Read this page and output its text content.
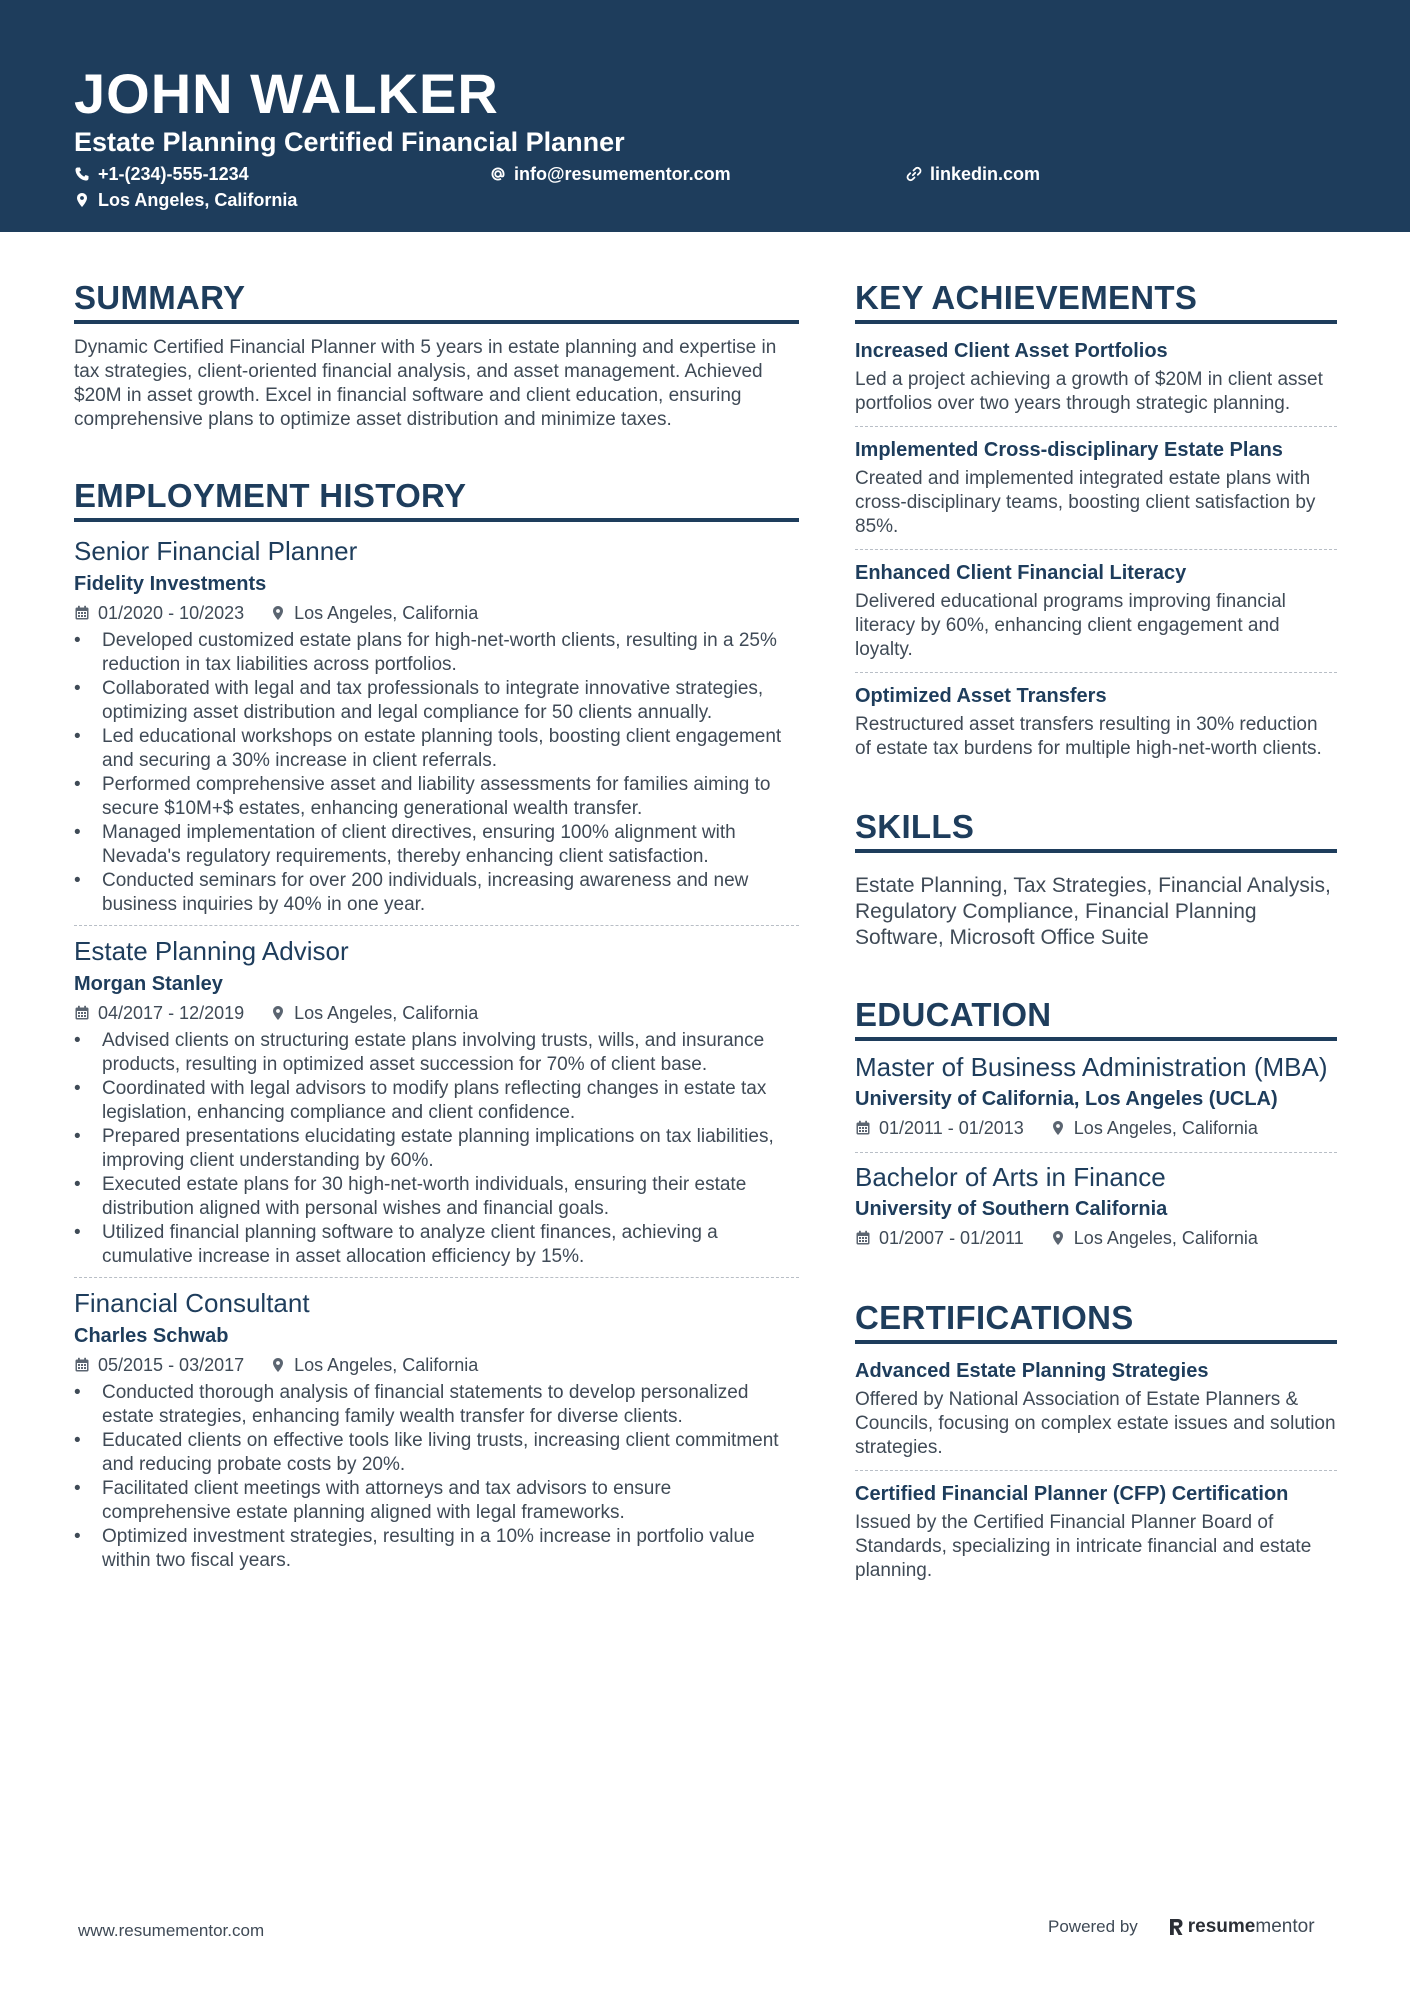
JOHN WALKER
Estate Planning Certified Financial Planner
+1-(234)-555-1234	info@resumementor.com	linkedin.com
Los Angeles, California
SUMMARY
Dynamic Certified Financial Planner with 5 years in estate planning and expertise in tax strategies, client-oriented financial analysis, and asset management. Achieved $20M in asset growth. Excel in financial software and client education, ensuring comprehensive plans to optimize asset distribution and minimize taxes.
EMPLOYMENT HISTORY
Senior Financial Planner
Fidelity Investments
01/2020 - 10/2023	Los Angeles, California
• Developed customized estate plans for high-net-worth clients, resulting in a 25% reduction in tax liabilities across portfolios.
• Collaborated with legal and tax professionals to integrate innovative strategies, optimizing asset distribution and legal compliance for 50 clients annually.
• Led educational workshops on estate planning tools, boosting client engagement and securing a 30% increase in client referrals.
• Performed comprehensive asset and liability assessments for families aiming to secure $10M+$ estates, enhancing generational wealth transfer.
• Managed implementation of client directives, ensuring 100% alignment with Nevada's regulatory requirements, thereby enhancing client satisfaction.
• Conducted seminars for over 200 individuals, increasing awareness and new business inquiries by 40% in one year.
Estate Planning Advisor
Morgan Stanley
04/2017 - 12/2019	Los Angeles, California
• Advised clients on structuring estate plans involving trusts, wills, and insurance products, resulting in optimized asset succession for 70% of client base.
• Coordinated with legal advisors to modify plans reflecting changes in estate tax legislation, enhancing compliance and client confidence.
• Prepared presentations elucidating estate planning implications on tax liabilities, improving client understanding by 60%.
• Executed estate plans for 30 high-net-worth individuals, ensuring their estate distribution aligned with personal wishes and financial goals.
• Utilized financial planning software to analyze client finances, achieving a cumulative increase in asset allocation efficiency by 15%.
Financial Consultant
Charles Schwab
05/2015 - 03/2017	Los Angeles, California
• Conducted thorough analysis of financial statements to develop personalized estate strategies, enhancing family wealth transfer for diverse clients.
• Educated clients on effective tools like living trusts, increasing client commitment and reducing probate costs by 20%.
• Facilitated client meetings with attorneys and tax advisors to ensure comprehensive estate planning aligned with legal frameworks.
• Optimized investment strategies, resulting in a 10% increase in portfolio value within two fiscal years.
KEY ACHIEVEMENTS
Increased Client Asset Portfolios
Led a project achieving a growth of $20M in client asset portfolios over two years through strategic planning.
Implemented Cross-disciplinary Estate Plans
Created and implemented integrated estate plans with cross-disciplinary teams, boosting client satisfaction by 85%.
Enhanced Client Financial Literacy
Delivered educational programs improving financial literacy by 60%, enhancing client engagement and loyalty.
Optimized Asset Transfers
Restructured asset transfers resulting in 30% reduction of estate tax burdens for multiple high-net-worth clients.
SKILLS
Estate Planning, Tax Strategies, Financial Analysis, Regulatory Compliance, Financial Planning Software, Microsoft Office Suite
EDUCATION
Master of Business Administration (MBA)
University of California, Los Angeles (UCLA)
01/2011 - 01/2013	Los Angeles, California
Bachelor of Arts in Finance
University of Southern California
01/2007 - 01/2011	Los Angeles, California
CERTIFICATIONS
Advanced Estate Planning Strategies
Offered by National Association of Estate Planners & Councils, focusing on complex estate issues and solution strategies.
Certified Financial Planner (CFP) Certification
Issued by the Certified Financial Planner Board of Standards, specializing in intricate financial and estate planning.
www.resumementor.com	Powered by	resume mentor
